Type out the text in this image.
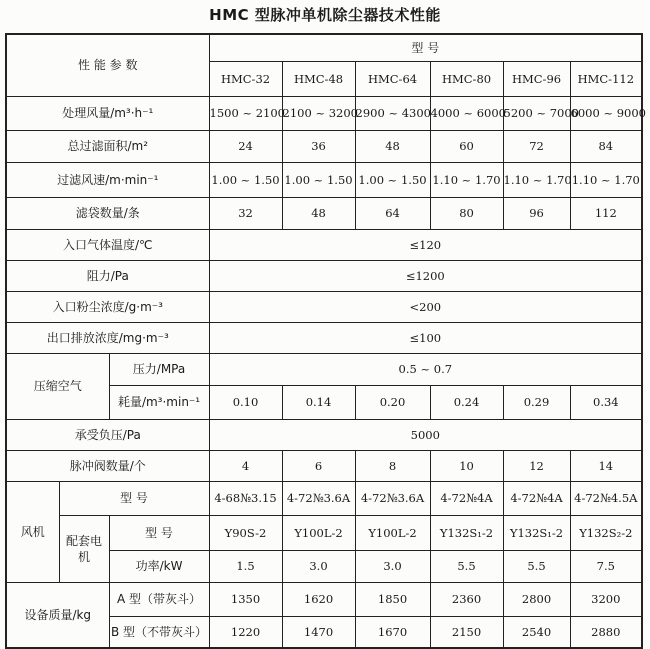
HMC 型脉冲单机除尘器技术性能
性 能 参 数			型 号					
			HMC-32	HMC-48	HMC-64	HMC-80	HMC-96	HMC-112
处理风量/m³·h⁻¹			1500 ~ 2100	2100 ~ 3200	2900 ~ 4300	4000 ~ 6000	5200 ~ 7000	6000 ~ 9000
总过滤面积/m²			24	36	48	60	72	84
过滤风速/m·min⁻¹			1.00 ~ 1.50	1.00 ~ 1.50	1.00 ~ 1.50	1.10 ~ 1.70	1.10 ~ 1.70	1.10 ~ 1.70
滤袋数量/条			32	48	64	80	96	112
入口气体温度/℃			≤120					
阻力/Pa			≤1200					
入口粉尘浓度/g·m⁻³			<200					
出口排放浓度/mg·m⁻³			≤100					
压缩空气		压力/MPa	0.5 ~ 0.7					
		耗量/m³·min⁻¹	0.10	0.14	0.20	0.24	0.29	0.34
承受负压/Pa			5000					
脉冲阀数量/个			4	6	8	10	12	14
风机	型 号		4-68№3.15	4-72№3.6A	4-72№3.6A	4-72№4A	4-72№4A	4-72№4.5A
	配套电机	型 号	Y90S-2	Y100L-2	Y100L-2	Y132S₁-2	Y132S₁-2	Y132S₂-2
		功率/kW	1.5	3.0	3.0	5.5	5.5	7.5
设备质量/kg		A 型（带灰斗）	1350	1620	1850	2360	2800	3200
		B 型（不带灰斗）	1220	1470	1670	2150	2540	2880
